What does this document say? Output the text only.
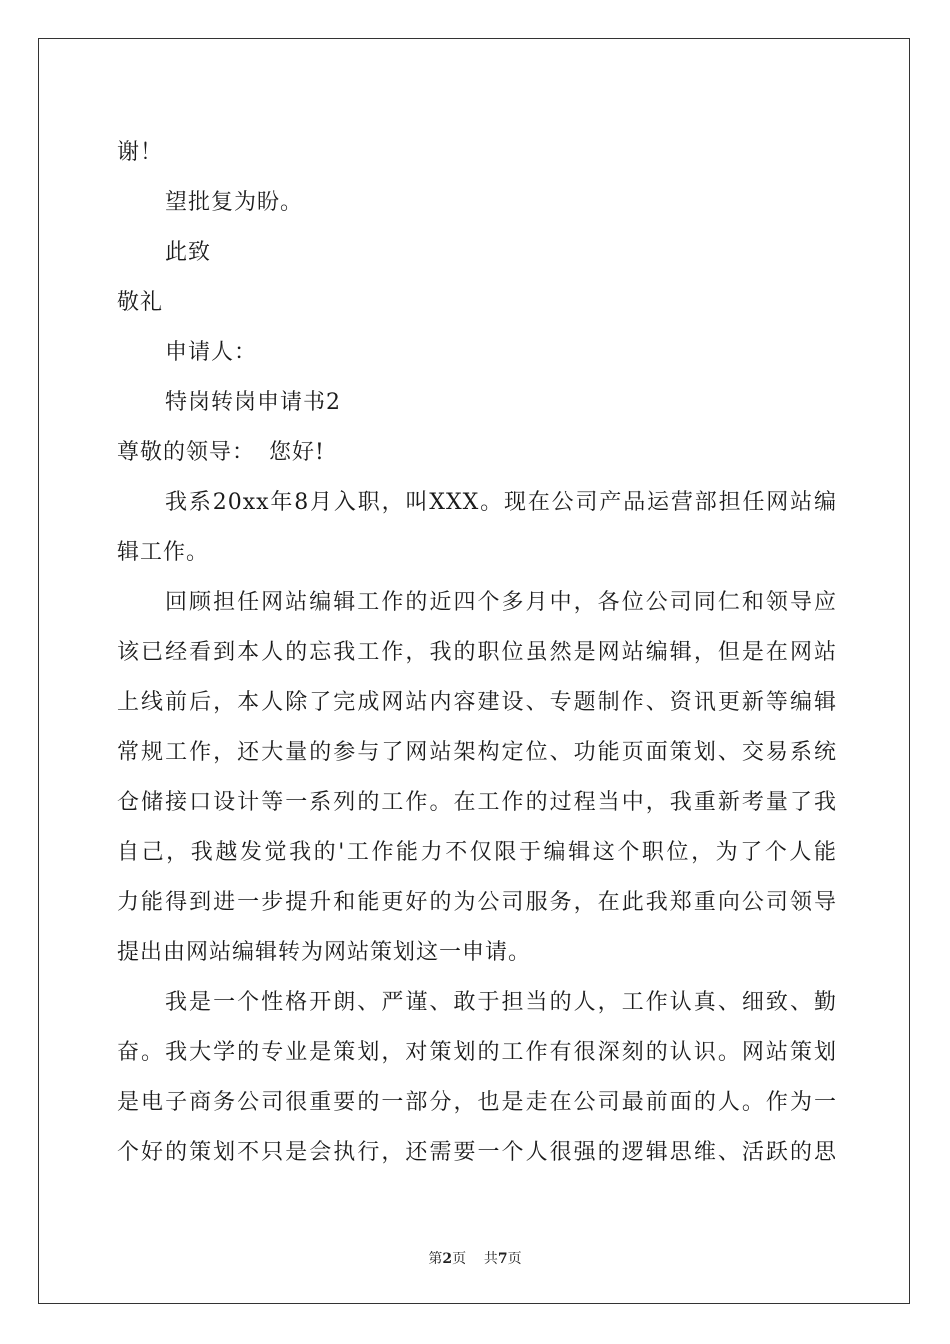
谢！
望批复为盼。
此致
敬礼
申请人：
特岗转岗申请书2
尊敬的领导： 您好!
我系20xx年8月入职，叫XXX。现在公司产品运营部担任网站编
辑工作。
回顾担任网站编辑工作的近四个多月中，各位公司同仁和领导应
该已经看到本人的忘我工作，我的职位虽然是网站编辑，但是在网站
上线前后，本人除了完成网站内容建设、专题制作、资讯更新等编辑
常规工作，还大量的参与了网站架构定位、功能页面策划、交易系统
仓储接口设计等一系列的工作。在工作的过程当中，我重新考量了我
自己，我越发觉我的'工作能力不仅限于编辑这个职位，为了个人能
力能得到进一步提升和能更好的为公司服务，在此我郑重向公司领导
提出由网站编辑转为网站策划这一申请。
我是一个性格开朗、严谨、敢于担当的人，工作认真、细致、勤
奋。我大学的专业是策划，对策划的工作有很深刻的认识。网站策划
是电子商务公司很重要的一部分，也是走在公司最前面的人。作为一
个好的策划不只是会执行，还需要一个人很强的逻辑思维、活跃的思
第2页 共7页
